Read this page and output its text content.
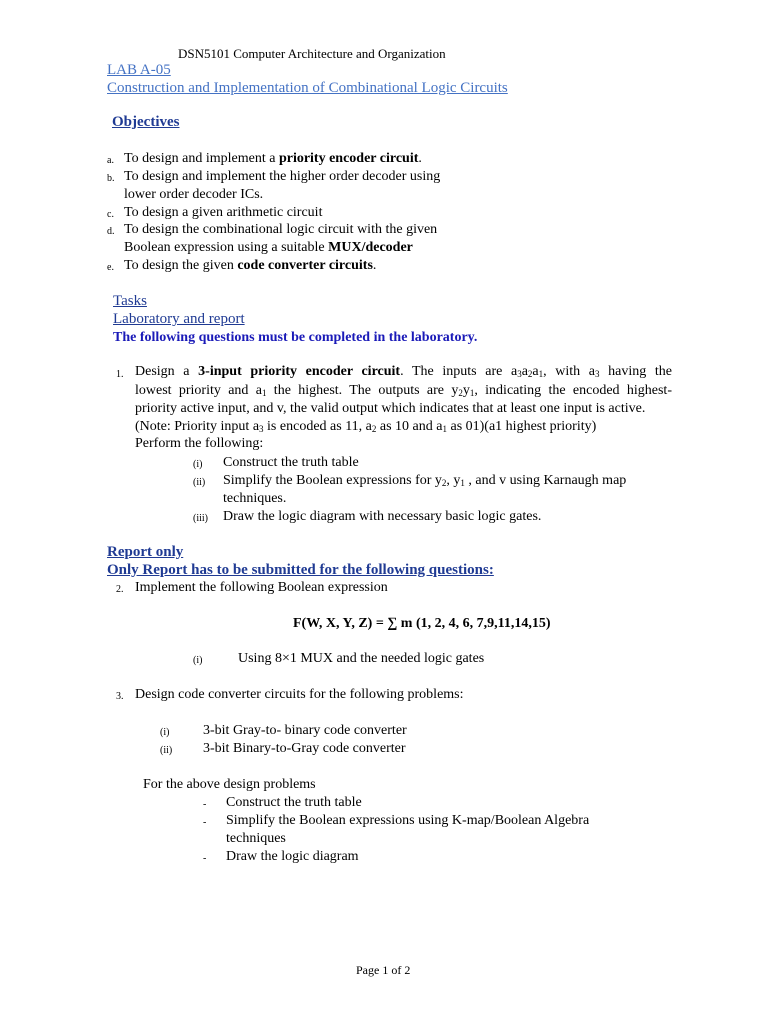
DSN5101 Computer Architecture and Organization
LAB A-05
Construction and Implementation of Combinational Logic Circuits
Objectives
a. To design and implement a priority encoder circuit.
b. To design and implement the higher order decoder using
lower order decoder ICs.
c. To design a given arithmetic circuit
d. To design the combinational logic circuit with the given
Boolean expression using a suitable MUX/decoder
e. To design the given code converter circuits.
Tasks
Laboratory and report
The following questions must be completed in the laboratory.
1. Design a 3-input priority encoder circuit. The inputs are $a_3a_2a_1$, with $a_3$ having the
lowest priority and $a_1$ the highest. The outputs are $y_2y_1$, indicating the encoded highest-
priority active input, and v, the valid output which indicates that at least one input is active.
(Note: Priority input $a_3$ is encoded as 11, $a_2$ as 10 and $a_1$ as 01)(a1 highest priority)
Perform the following:
(i) Construct the truth table
(ii) Simplify the Boolean expressions for $y_2$, $y_1$ , and v using Karnaugh map
techniques.
(iii) Draw the logic diagram with necessary basic logic gates.
Report only
Only Report has to be submitted for the following questions:
2. Implement the following Boolean expression
F(W, X, Y, Z) = ∑ m (1, 2, 4, 6, 7,9,11,14,15)
(i)	Using 8×1 MUX and the needed logic gates
3. Design code converter circuits for the following problems:
(i) 3-bit Gray-to- binary code converter
(ii) 3-bit Binary-to-Gray code converter
For the above design problems
- Construct the truth table
- Simplify the Boolean expressions using K-map/Boolean Algebra
techniques
- Draw the logic diagram
Page 1 of 2
